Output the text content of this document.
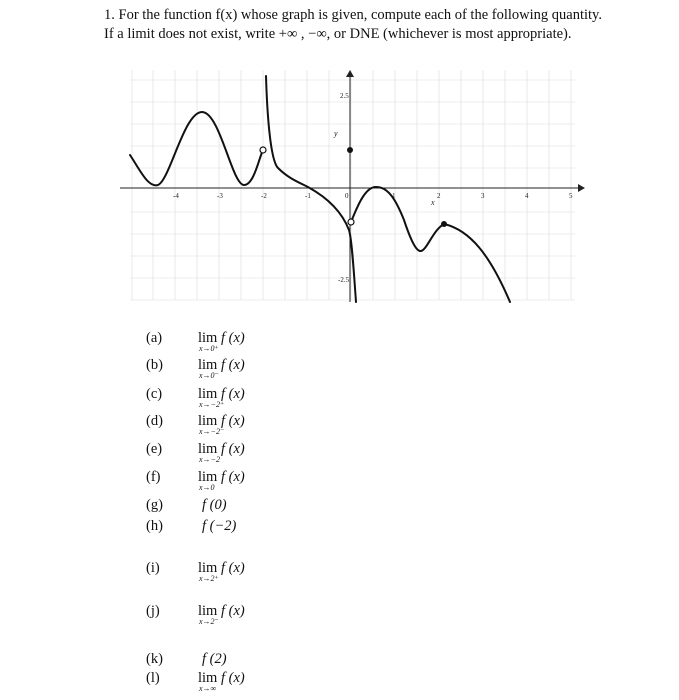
1. For the function f(x) whose graph is given, compute each of the following quantity.
If a limit does not exist, write +∞ , −∞, or DNE (whichever is most appropriate).
-4	-3	-2	-1	0	1	2	3	4	5
2.5
-2.5
y
x
(a)	lim
x→0⁺
f (x)
(b)	lim
x→0⁻
f (x)
(c)	lim
x→−2⁺
f (x)
(d)	lim
x→−2⁻
f (x)
(e)	lim
x→−2
f (x)
(f)	lim
x→0
f (x)
(g)	f (0)
(h)	f (−2)
(i)	lim
x→2⁺
f (x)
(j)	lim
x→2⁻
f (x)
(k)	f (2)
(l)	lim
x→∞
f (x)
